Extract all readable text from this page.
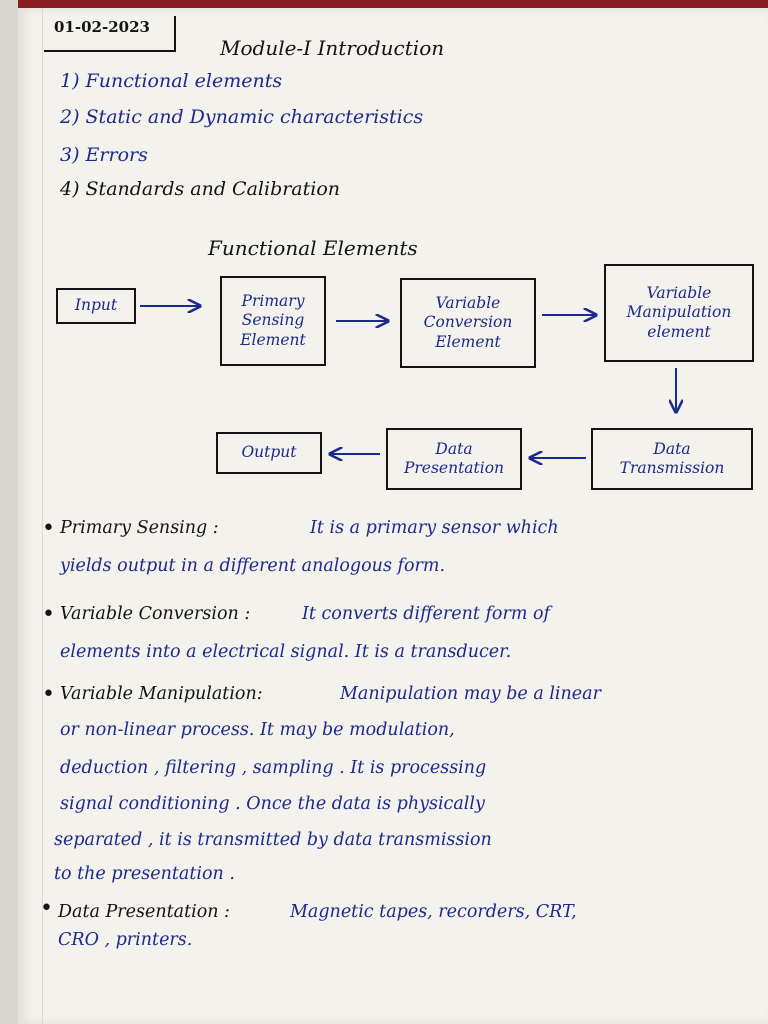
01-02-2023
Module-I Introduction
1) Functional elements
2) Static and Dynamic characteristics
3) Errors
4) Standards and Calibration
Functional Elements
Input	Primary
Sensing
Element
Variable
Conversion
Element
Variable
Manipulation
element
Data
Transmission
Data
Presentation
Output
• Primary Sensing :	It is a primary sensor which
yields output in a different analogous form.
• Variable Conversion :	It converts different form of
elements into a electrical signal. It is a transducer.
• Variable Manipulation:	Manipulation may be a linear
or non-linear process. It may be modulation,
deduction , filtering , sampling . It is processing
signal conditioning . Once the data is physically
separated , it is transmitted by data transmission
to the presentation .
• Data Presentation :	Magnetic tapes, recorders, CRT,
CRO , printers.
